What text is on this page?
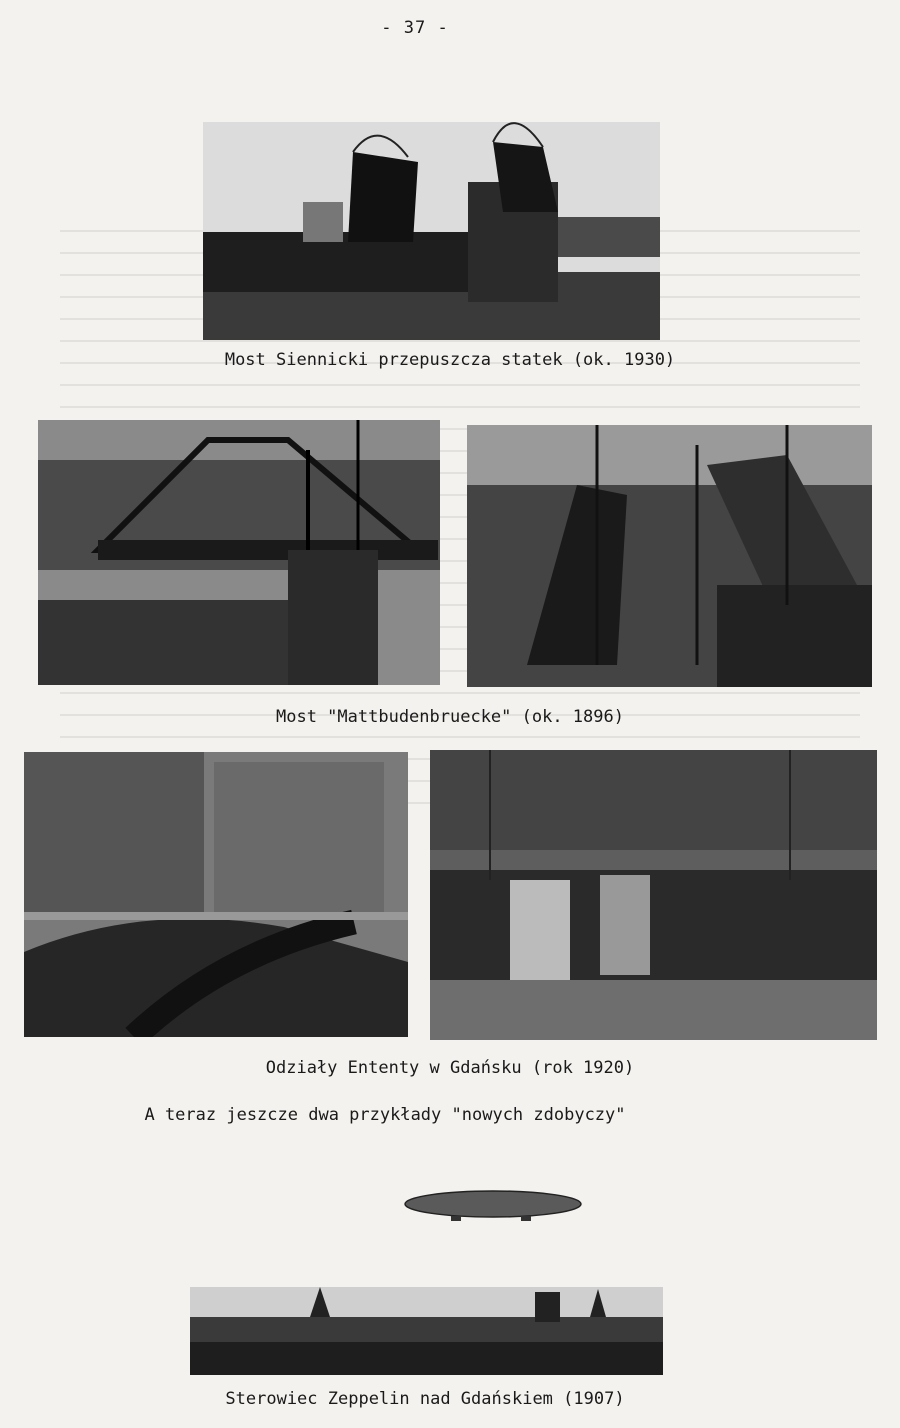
- 37 -
Most Siennicki przepuszcza statek (ok. 1930)
Most "Mattbudenbruecke" (ok. 1896)
Odziały Ententy w Gdańsku (rok 1920)
A teraz jeszcze dwa przykłady "nowych zdobyczy"
Sterowiec Zeppelin nad Gdańskiem (1907)
